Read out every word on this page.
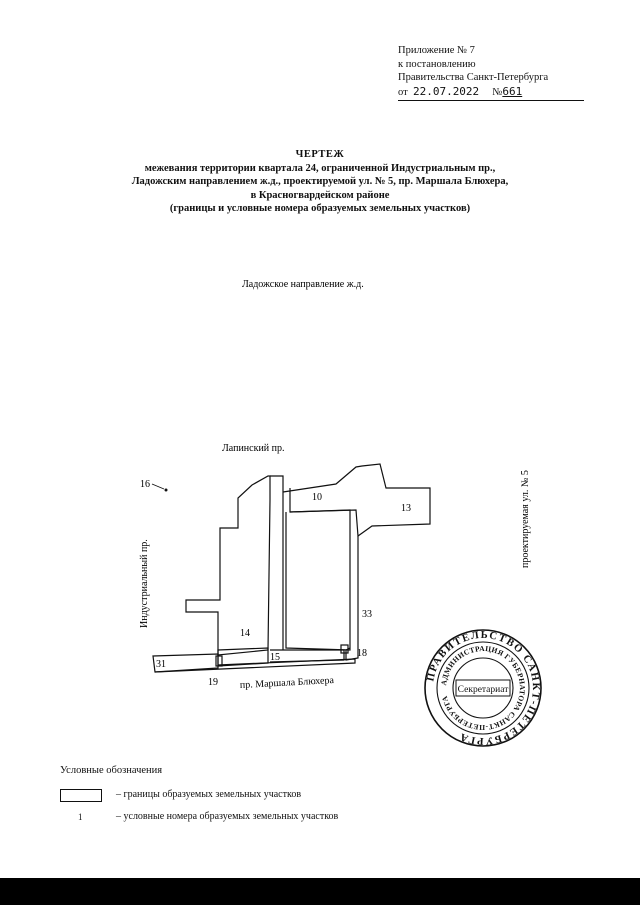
Приложение № 7
к постановлению
Правительства Санкт-Петербурга
от 22.07.2022 №661
ЧЕРТЕЖ
межевания территории квартала 24, ограниченной Индустриальным пр.,
Ладожским направлением ж.д., проектируемой ул. № 5, пр. Маршала Блюхера,
в Красногвардейском районе
(границы и условные номера образуемых земельных участков)
Ладожское направление ж.д.
Лапинский пр.
пр. Маршала Блюхера
Индустриальный пр.
проектируемая ул. № 5
16
10
13
14
15	18
19
31
33
ПРАВИТЕЛЬСТВО САНКТ-ПЕТЕРБУРГА
АДМИНИСТРАЦИЯ ГУБЕРНАТОРА САНКТ-ПЕТЕРБУРГА
Секретариат
Условные обозначения
– границы образуемых земельных участков
1	– условные номера образуемых земельных участков
